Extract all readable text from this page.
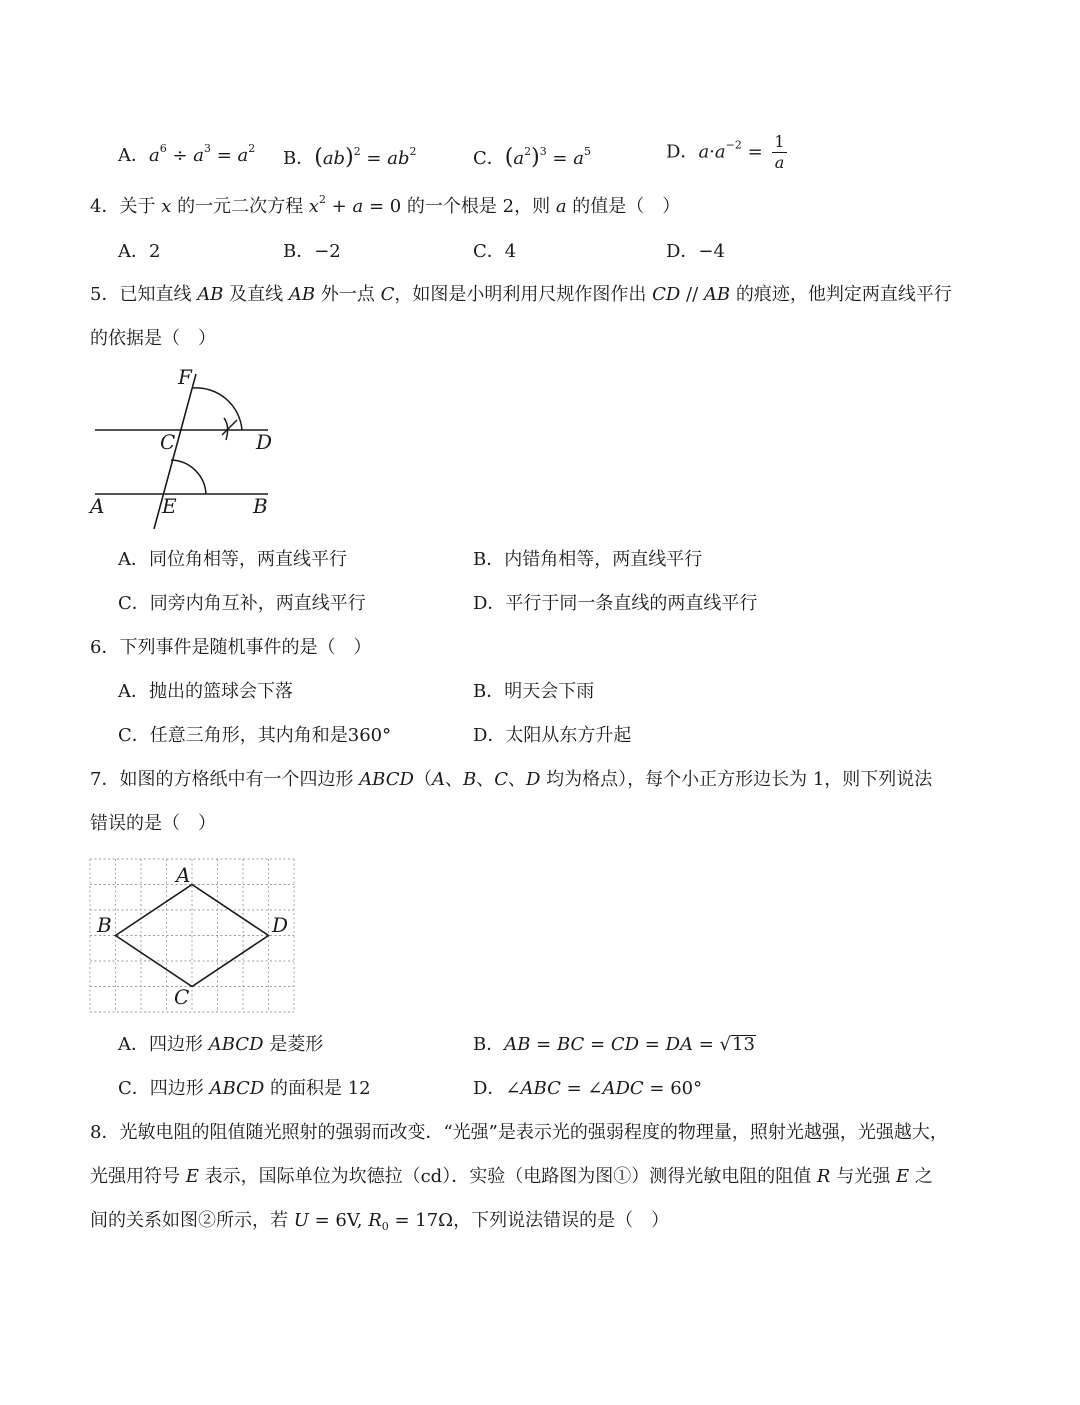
A．$a^6 \div a^3 = a^2$ B．$(ab)^2 = ab^2$	C．$(a^2)^3 = a^5$	D．$a\cdot a^{-2} = \frac{1}{a}$
4．关于 x 的一元二次方程 $x^2 + a = 0$ 的一个根是 2，则 a 的值是（　）
A．2	B．−2	C．4	D．−4
5．已知直线 AB 及直线 AB 外一点 C，如图是小明利用尺规作图作出 CD // AB 的痕迹，他判定两直线平行
的依据是（　）
F
C	D
A	E	B
A．同位角相等，两直线平行	B．内错角相等，两直线平行
C．同旁内角互补，两直线平行	D．平行于同一条直线的两直线平行
6．下列事件是随机事件的是（　）
A．抛出的篮球会下落	B．明天会下雨
C．任意三角形，其内角和是360°	D．太阳从东方升起
7．如图的方格纸中有一个四边形 ABCD（A、B、C、D 均为格点），每个小正方形边长为 1，则下列说法
错误的是（　）
A
B
C
D
A．四边形 ABCD 是菱形	B．AB = BC = CD = DA = √13
C．四边形 ABCD 的面积是 12	D．∠ABC = ∠ADC = 60°
8．光敏电阻的阻值随光照射的强弱而改变．“光强”是表示光的强弱程度的物理量，照射光越强，光强越大，
光强用符号 E 表示，国际单位为坎德拉（cd）．实验（电路图为图①）测得光敏电阻的阻值 R 与光强 E 之
间的关系如图②所示，若 U = 6V, $R_0 = 17\Omega$，下列说法错误的是（　）
